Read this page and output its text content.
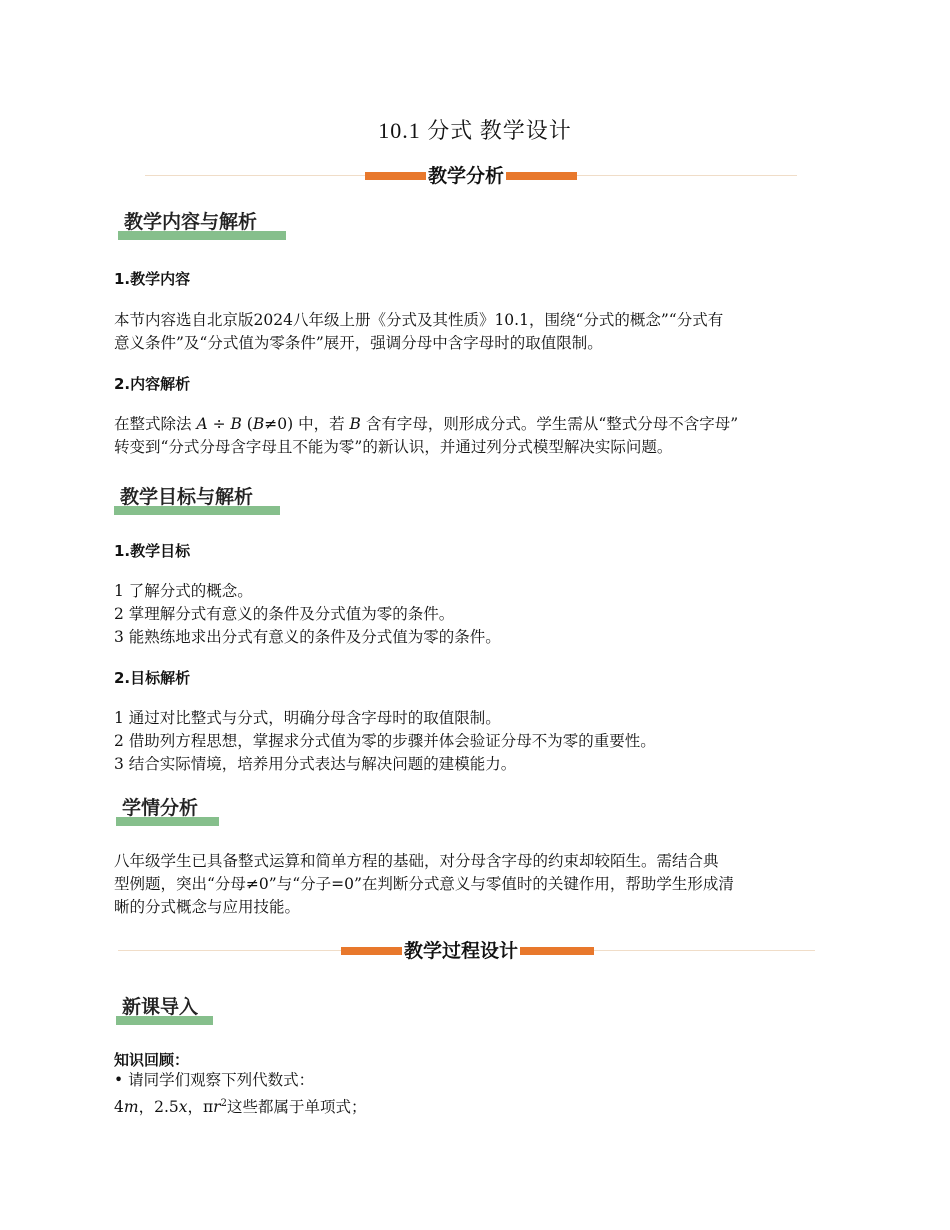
10.1 分式 教学设计
教学分析
教学内容与解析
1.教学内容
本节内容选自北京版2024八年级上册《分式及其性质》10.1，围绕“分式的概念”“分式有
意义条件”及“分式值为零条件”展开，强调分母中含字母时的取值限制。
2.内容解析
在整式除法 A ÷ B (B≠0) 中，若 B 含有字母，则形成分式。学生需从“整式分母不含字母”
转变到“分式分母含字母且不能为零”的新认识，并通过列分式模型解决实际问题。
教学目标与解析
1.教学目标
1 了解分式的概念。
2 掌理解分式有意义的条件及分式值为零的条件。
3 能熟练地求出分式有意义的条件及分式值为零的条件。
2.目标解析
1 通过对比整式与分式，明确分母含字母时的取值限制。
2 借助列方程思想，掌握求分式值为零的步骤并体会验证分母不为零的重要性。
3 结合实际情境，培养用分式表达与解决问题的建模能力。
学情分析
八年级学生已具备整式运算和简单方程的基础，对分母含字母的约束却较陌生。需结合典
型例题，突出“分母≠0”与“分子=0”在判断分式意义与零值时的关键作用，帮助学生形成清
晰的分式概念与应用技能。
教学过程设计
新课导入
知识回顾：
• 请同学们观察下列代数式：
4m，2.5x，$\pi r^2$这些都属于单项式；
